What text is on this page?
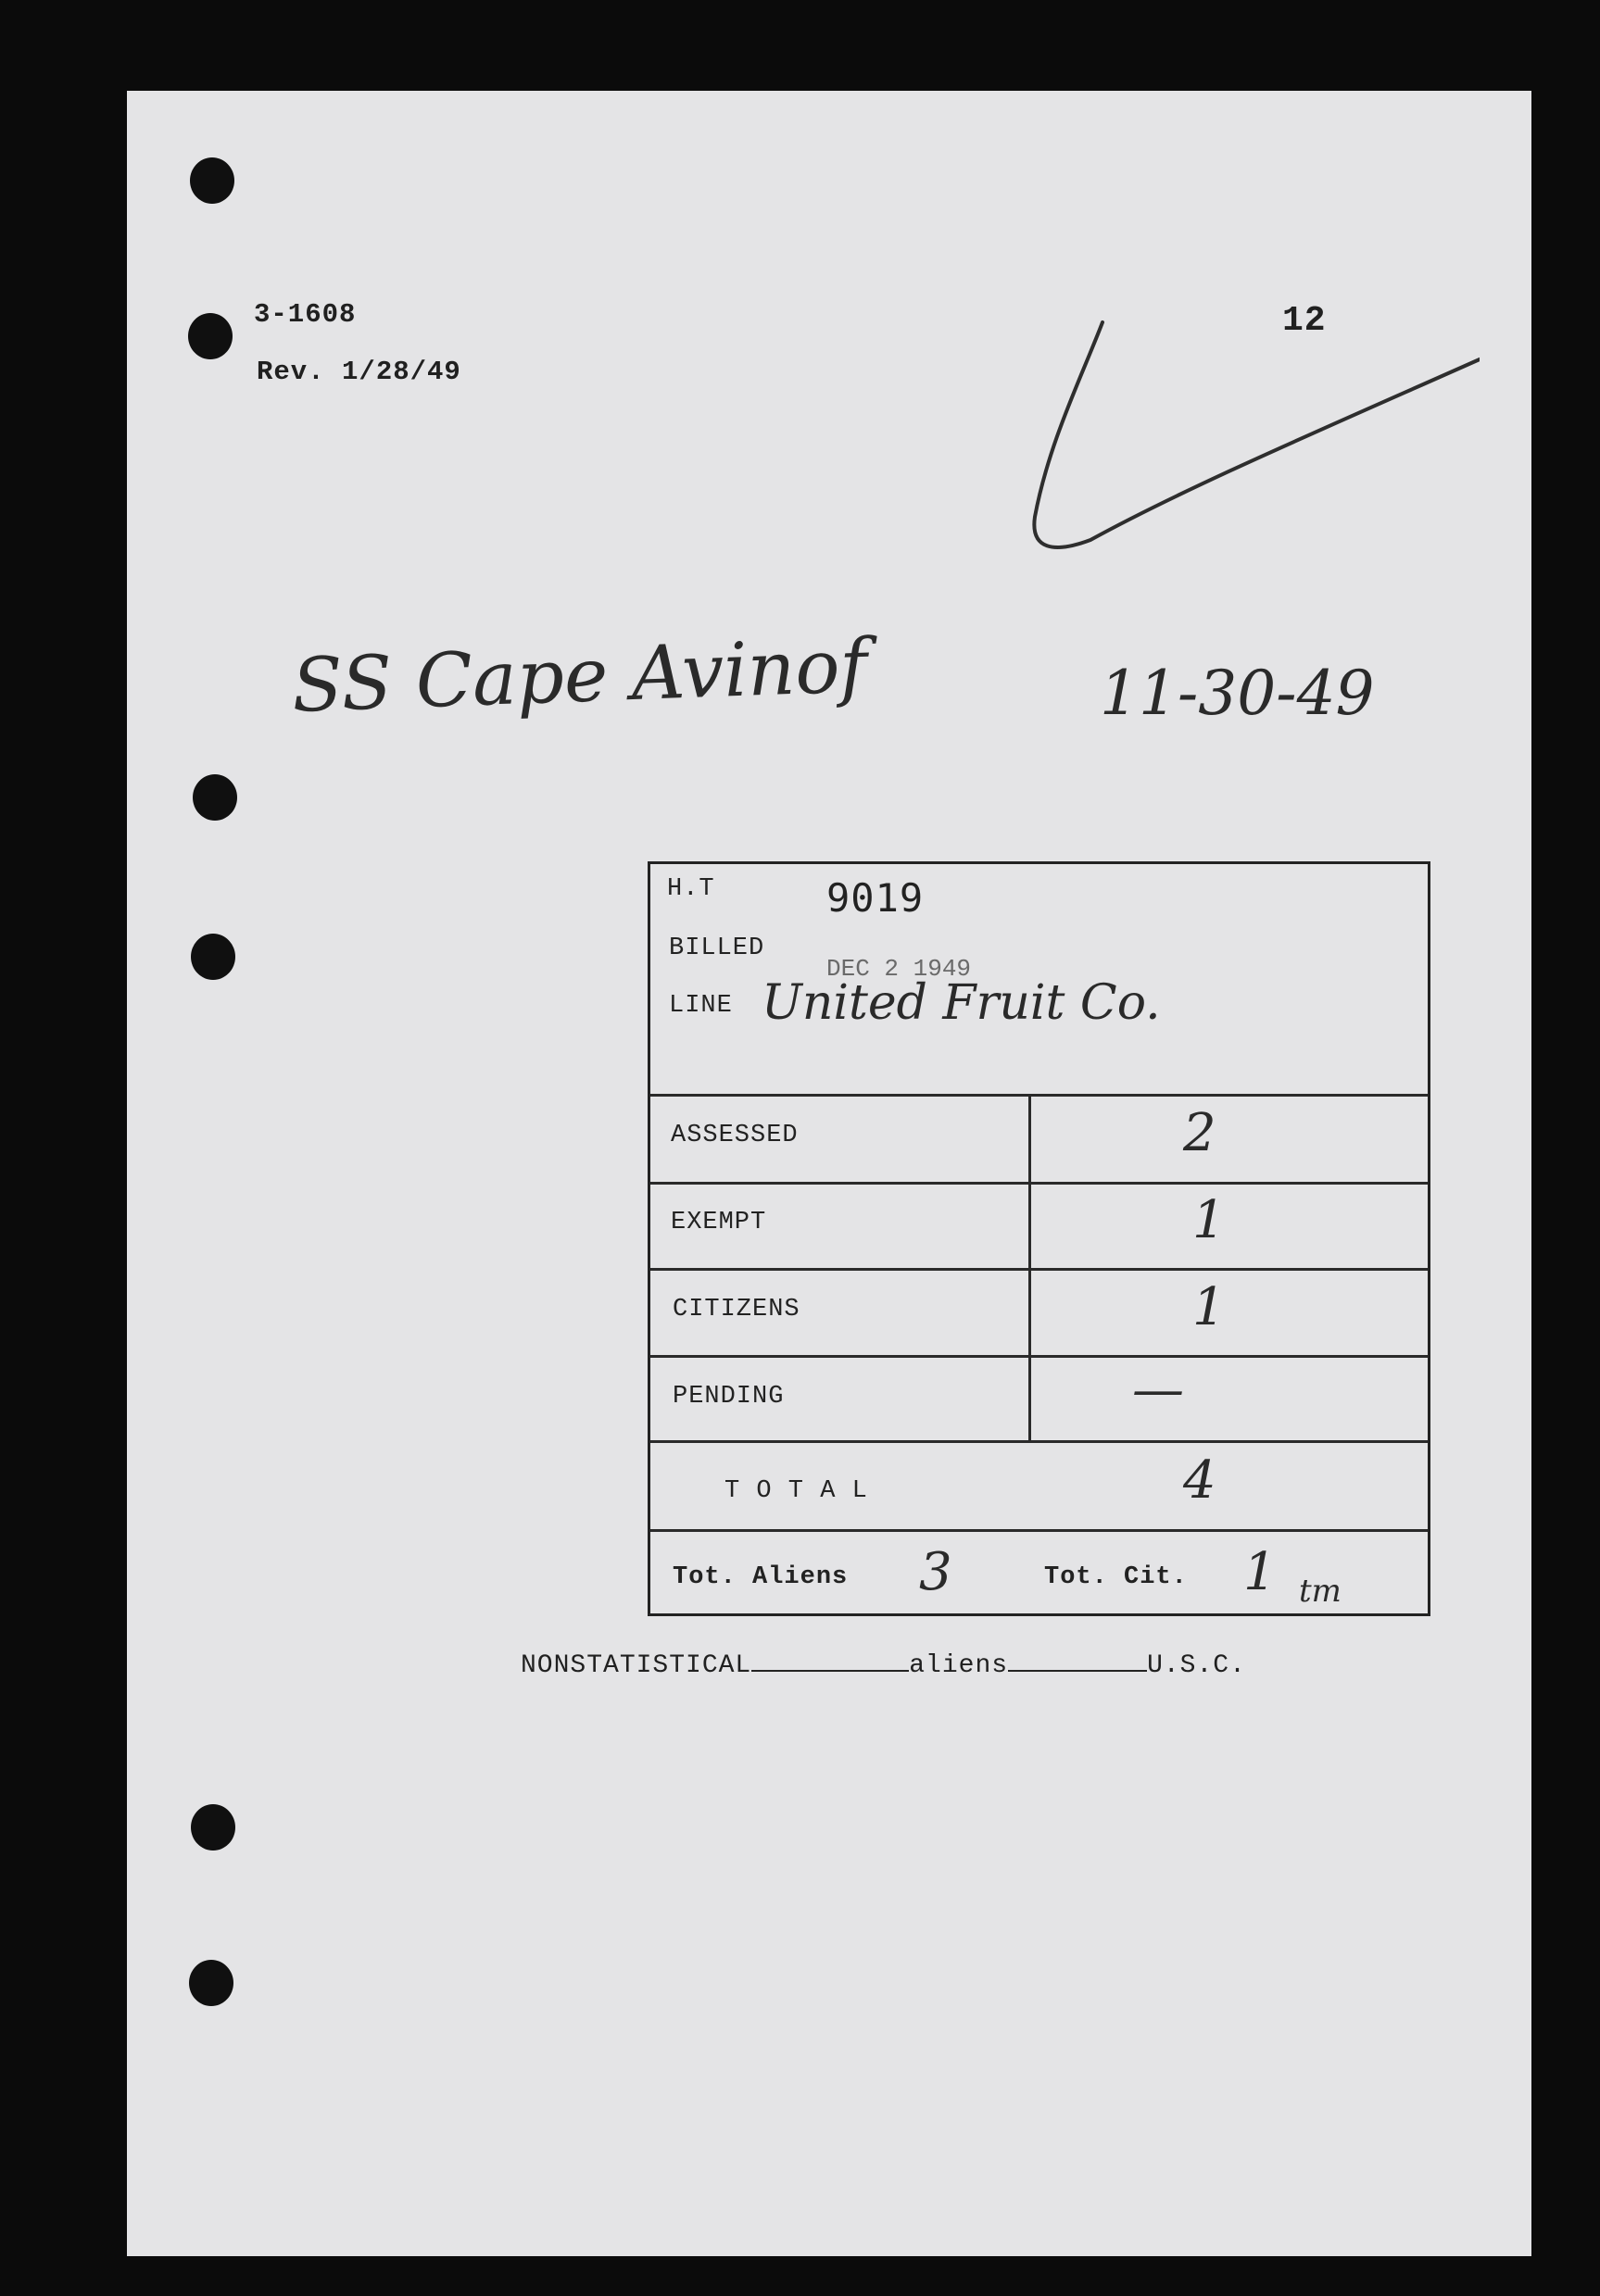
3-1608
Rev. 1/28/49
12
SS Cape Avinof	11-30-49
H.T	9019
BILLED
DEC 2 1949
LINE United Fruit Co.
ASSESSED	2
EXEMPT	1
CITIZENS	1
PENDING	—
T O T A L	4
Tot. Aliens 3	Tot. Cit. 1 tm
NONSTATISTICAL	aliens	U.S.C.
